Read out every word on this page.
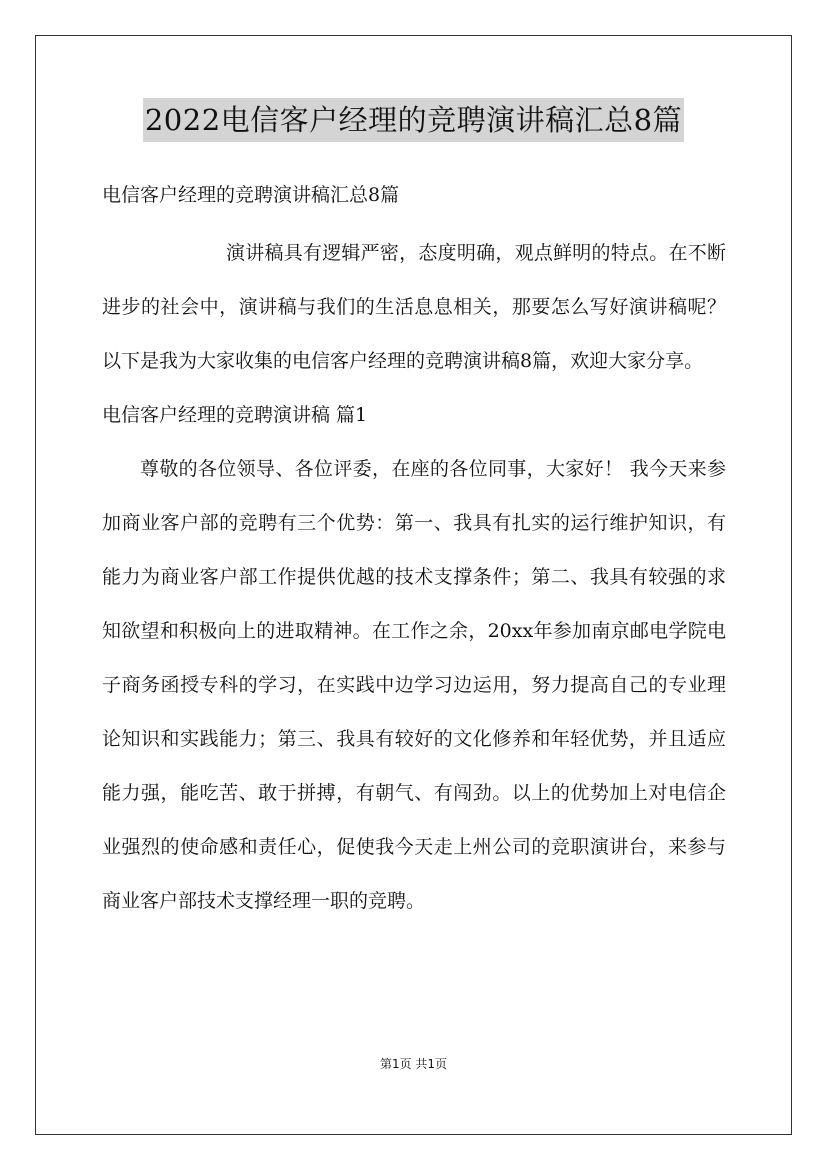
2022电信客户经理的竞聘演讲稿汇总8篇

电信客户经理的竞聘演讲稿汇总8篇

演讲稿具有逻辑严密，态度明确，观点鲜明的特点。在不断进步的社会中，演讲稿与我们的生活息息相关，那要怎么写好演讲稿呢？以下是我为大家收集的电信客户经理的竞聘演讲稿8篇，欢迎大家分享。

电信客户经理的竞聘演讲稿 篇1

尊敬的各位领导、各位评委，在座的各位同事，大家好！ 我今天来参加商业客户部的竞聘有三个优势：第一、我具有扎实的运行维护知识，有能力为商业客户部工作提供优越的技术支撑条件；第二、我具有较强的求知欲望和积极向上的进取精神。在工作之余，20xx年参加南京邮电学院电子商务函授专科的学习，在实践中边学习边运用，努力提高自己的专业理论知识和实践能力；第三、我具有较好的文化修养和年轻优势，并且适应能力强，能吃苦、敢于拼搏，有朝气、有闯劲。以上的优势加上对电信企业强烈的使命感和责任心，促使我今天走上州公司的竞职演讲台，来参与商业客户部技术支撑经理一职的竞聘。

第1页 共1页
